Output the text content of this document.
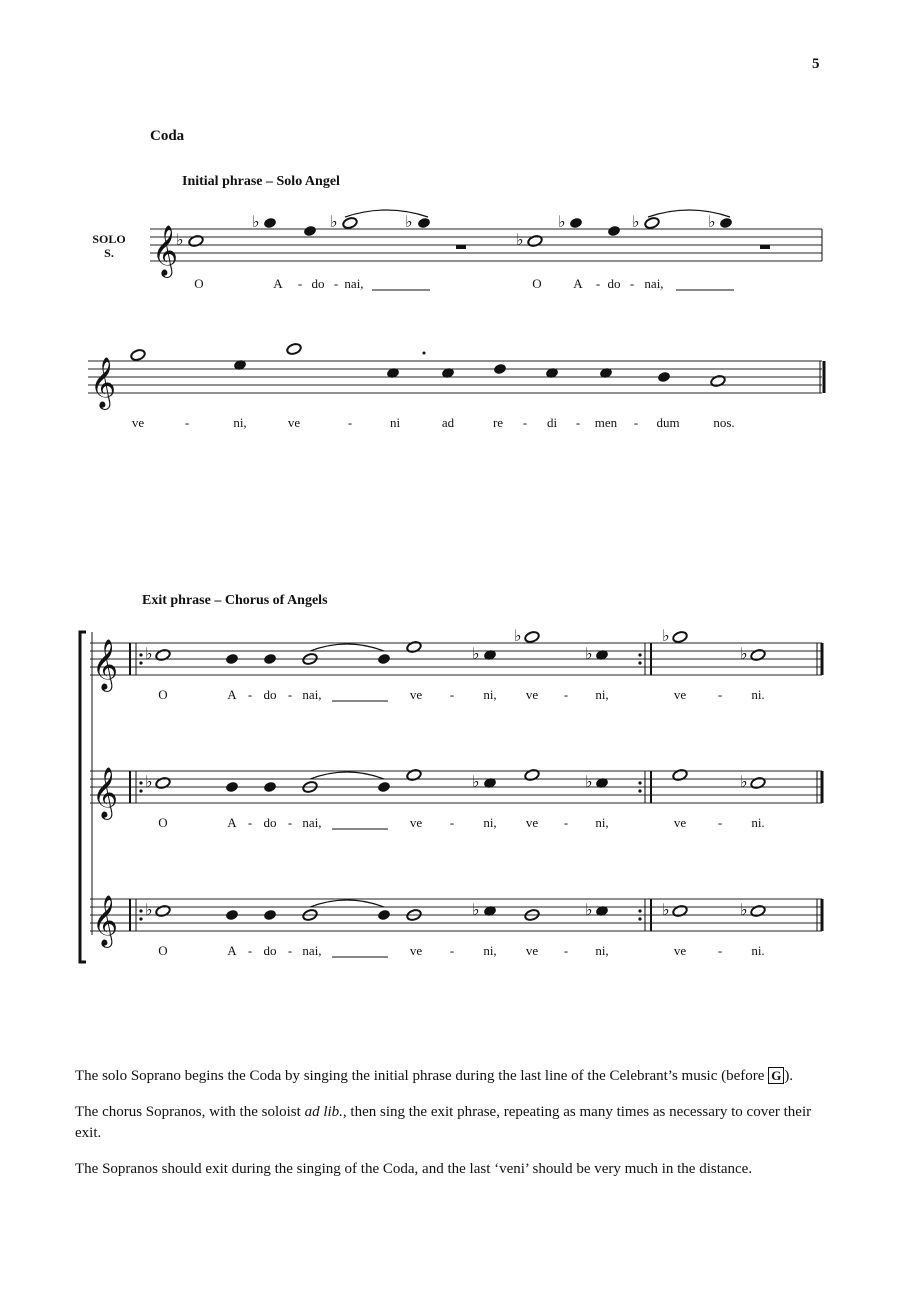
5
Coda
Initial phrase – Solo Angel
SOLO
S.
Exit phrase – Chorus of Angels
𝄞
𝄞
𝄞
𝄞
𝄞
♭
♭	♭	♭
♭
♭	♭	♭
♭	♭
♭
♭
♭
♭
♭	♭	♭	♭
♭	♭	♭	♭	♭
O	A - do - nai,	O A - do - nai,
ve	-	ni,	ve	-	ni	ad	re - di - men - dum	nos.
O	A - do - nai,	ve - ni, ve - ni,	ve - ni.
O	A - do - nai,	ve - ni, ve - ni,	ve - ni.
O	A - do - nai,	ve - ni, ve - ni,	ve - ni.

The solo Soprano begins the Coda by singing the initial phrase during the last line of the Celebrant’s music (before G ).

The chorus Sopranos, with the soloist ad lib., then sing the exit phrase, repeating as many times as necessary to cover their exit.

The Sopranos should exit during the singing of the Coda, and the last ‘veni’ should be very much in the distance.
